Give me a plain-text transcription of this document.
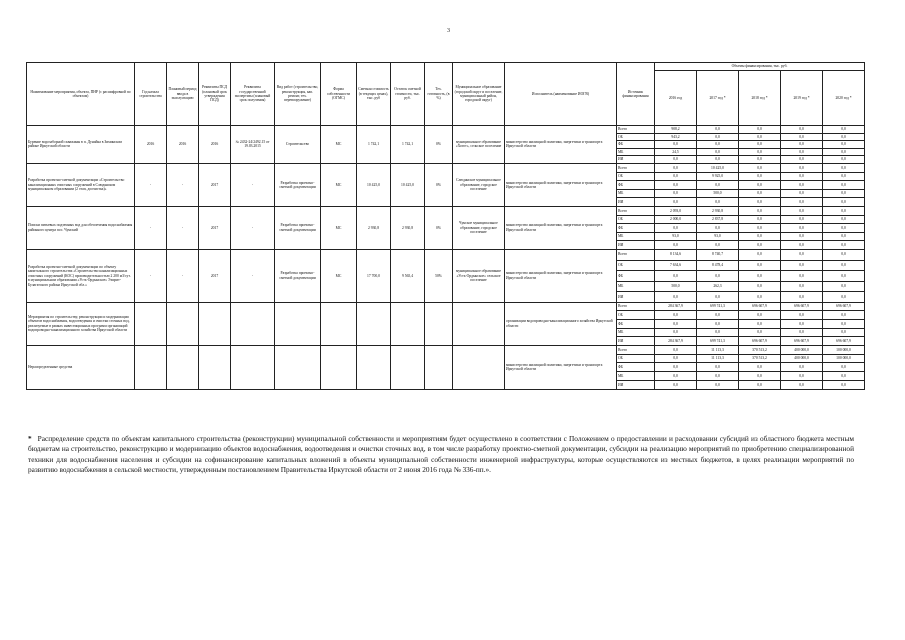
3
Наименование мероприятия, объекта, ПНР (с расшифровкой по объектам)	Год начала строительства	Плановый период ввода в эксплуатацию	Реквизиты ПСД (плановый срок утверждения ПСД)	Реквизиты государственной экспертизы (плановый срок получения)	Вид работ (строительство, реконструкция, кап. ремонт, тех. перевооружение)	Форма собственности (ОГМС)	Сметная стоимость (в текущих ценах), тыс. руб	Остаток сметной стоимости, тыс. руб.	Тех. готовность, (в %)	Муниципальное образование (городской округ и поселение, муниципальный район, городской округ)	Исполнитель (наименование ИОГВ)	Источник финансирования	Объемы финансирования, тыс. руб.				
													2016 год	2017 год *	2018 год *	2019 год *	2020 год *
Бурение водозаборной скважины в п. Дунайка в Зиминском районе Иркутской области	2016	2016	2016	№ 2432-24/2492.15 от 19.03.2015	Строительство	МС	1 742,1	1 742,1	0%	муниципальное образование «Хогот», сельское поселение	министерство жилищной политики, энергетики и транспорта Иркутской области	Всего	908,2	0,0	0,0	0,0	0,0
												ОБ	943,2	0,0	0,0	0,0	0,0
												ФБ	0,0	0,0	0,0	0,0	0,0
												МБ	24,5	0,0	0,0	0,0	0,0
												ИИ	0,0	0,0	0,0	0,0	0,0
Разработка проектно-сметной документации «Строительство канализационных очистных сооружений в Слюдянском муниципальном образовании (2 этап, доочистка)»	-	-	2017	-	Разработка проектно-сметной документации	МС	10 425,0	10 425,0	0%	Слюдянское муниципальное образование, городское поселение	министерство жилищной политики, энергетики и транспорта Иркутской области	Всего	0,0	10 425,0	0,0	0,0	0,0
												ОБ	0,0	9 925,0	0,0	0,0	0,0
												ФБ	0,0	0,0	0,0	0,0	0,0
												МБ	0,0	500,0	0,0	0,0	0,0
												ИИ	0,0	0,0	0,0	0,0	0,0
Поиски питьевых подземных вод для обеспечения водоснабжения районного центра пос. Чунский	-	-	2017	-	Разработка проектно-сметной документации	МС	2 930,8	2 930,8	0%	Чунское муниципальное образование, городское поселение	министерство жилищной политики, энергетики и транспорта Иркутской области	Всего	2 093,0	2 930,8	0,0	0,0	0,0
												ОБ	2 000,0	2 837,8	0,0	0,0	0,0
												ФБ	0,0	0,0	0,0	0,0	0,0
												МБ	93,0	93,0	0,0	0,0	0,0
												ИИ	0,0	0,0	0,0	0,0	0,0
Разработка проектно-сметной документации по объекту капитального строительства «Строительство канализационных очистных сооружений (КОС) производительностью 2 200 м3/сут. в муниципальном образовании «Усть-Ордынское» Эхирит-Булагатского района Иркутской обл.»	-	-	2017	-	Разработка проектно-сметной документации	МС	17 700,0	9 565,4	50%	муниципальное образование «Усть-Ордынское» сельское поселение	министерство жилищной политики, энергетики и транспорта Иркутской области	Всего	8 134,6	8 740,7	0,0	0,0	0,0
												ОБ	7 634,6	8 478,4	0,0	0,0	0,0
												ФБ	0,0	0,0	0,0	0,0	0,0
												МБ	500,0	262,3	0,0	0,0	0,0
												ИИ	0,0	0,0	0,0	0,0	0,0
Мероприятия по строительству, реконструкции и модернизации объектов водоснабжения, водоотведения и очистки сточных вод, реализуемые в рамках инвестиционных программ организаций водопроводно-канализационного хозяйства Иркутской области											организации водопроводно-канализационного хозяйства Иркутской области	Всего	284 367,9	699 741,3	696 607,9	696 607,9	696 607,9
												ОБ	0,0	0,0	0,0	0,0	0,0
												ФБ	0,0	0,0	0,0	0,0	0,0
												МБ	0,0	0,0	0,0	0,0	0,0
												ИИ	284 367,9	699 741,3	696 607,9	696 607,9	696 607,9
Нераспределенные средства											министерство жилищной политики, энергетики и транспорта Иркутской области	Всего	0,0	11 113,3	370 513,2	400 000,0	100 000,0
												ОБ	0,0	11 113,3	370 513,2	400 000,0	100 000,0
												ФБ	0,0	0,0	0,0	0,0	0,0
												МБ	0,0	0,0	0,0	0,0	0,0
												ИИ	0,0	0,0	0,0	0,0	0,0
* Распределение средств по объектам капитального строительства (реконструкции) муниципальной собственности и мероприятиям будет осуществлено в соответствии с Положением о предоставлении и расходовании субсидий из областного бюджета местным бюджетам на строительство, реконструкцию и модернизацию объектов водоснабжения, водоотведения и очистки сточных вод, в том числе разработку проектно-сметной документации, субсидии на реализацию мероприятий по приобретению специализированной техники для водоснабжения населения и субсидии на софинансирование капитальных вложений в объекты муниципальной собственности инженерной инфраструктуры, которые осуществляются из местных бюджетов, в целях реализации мероприятий по развитию водоснабжения в сельской местности, утвержденным постановлением Правительства Иркутской области от 2 июня 2016 года № 336-пп.».
